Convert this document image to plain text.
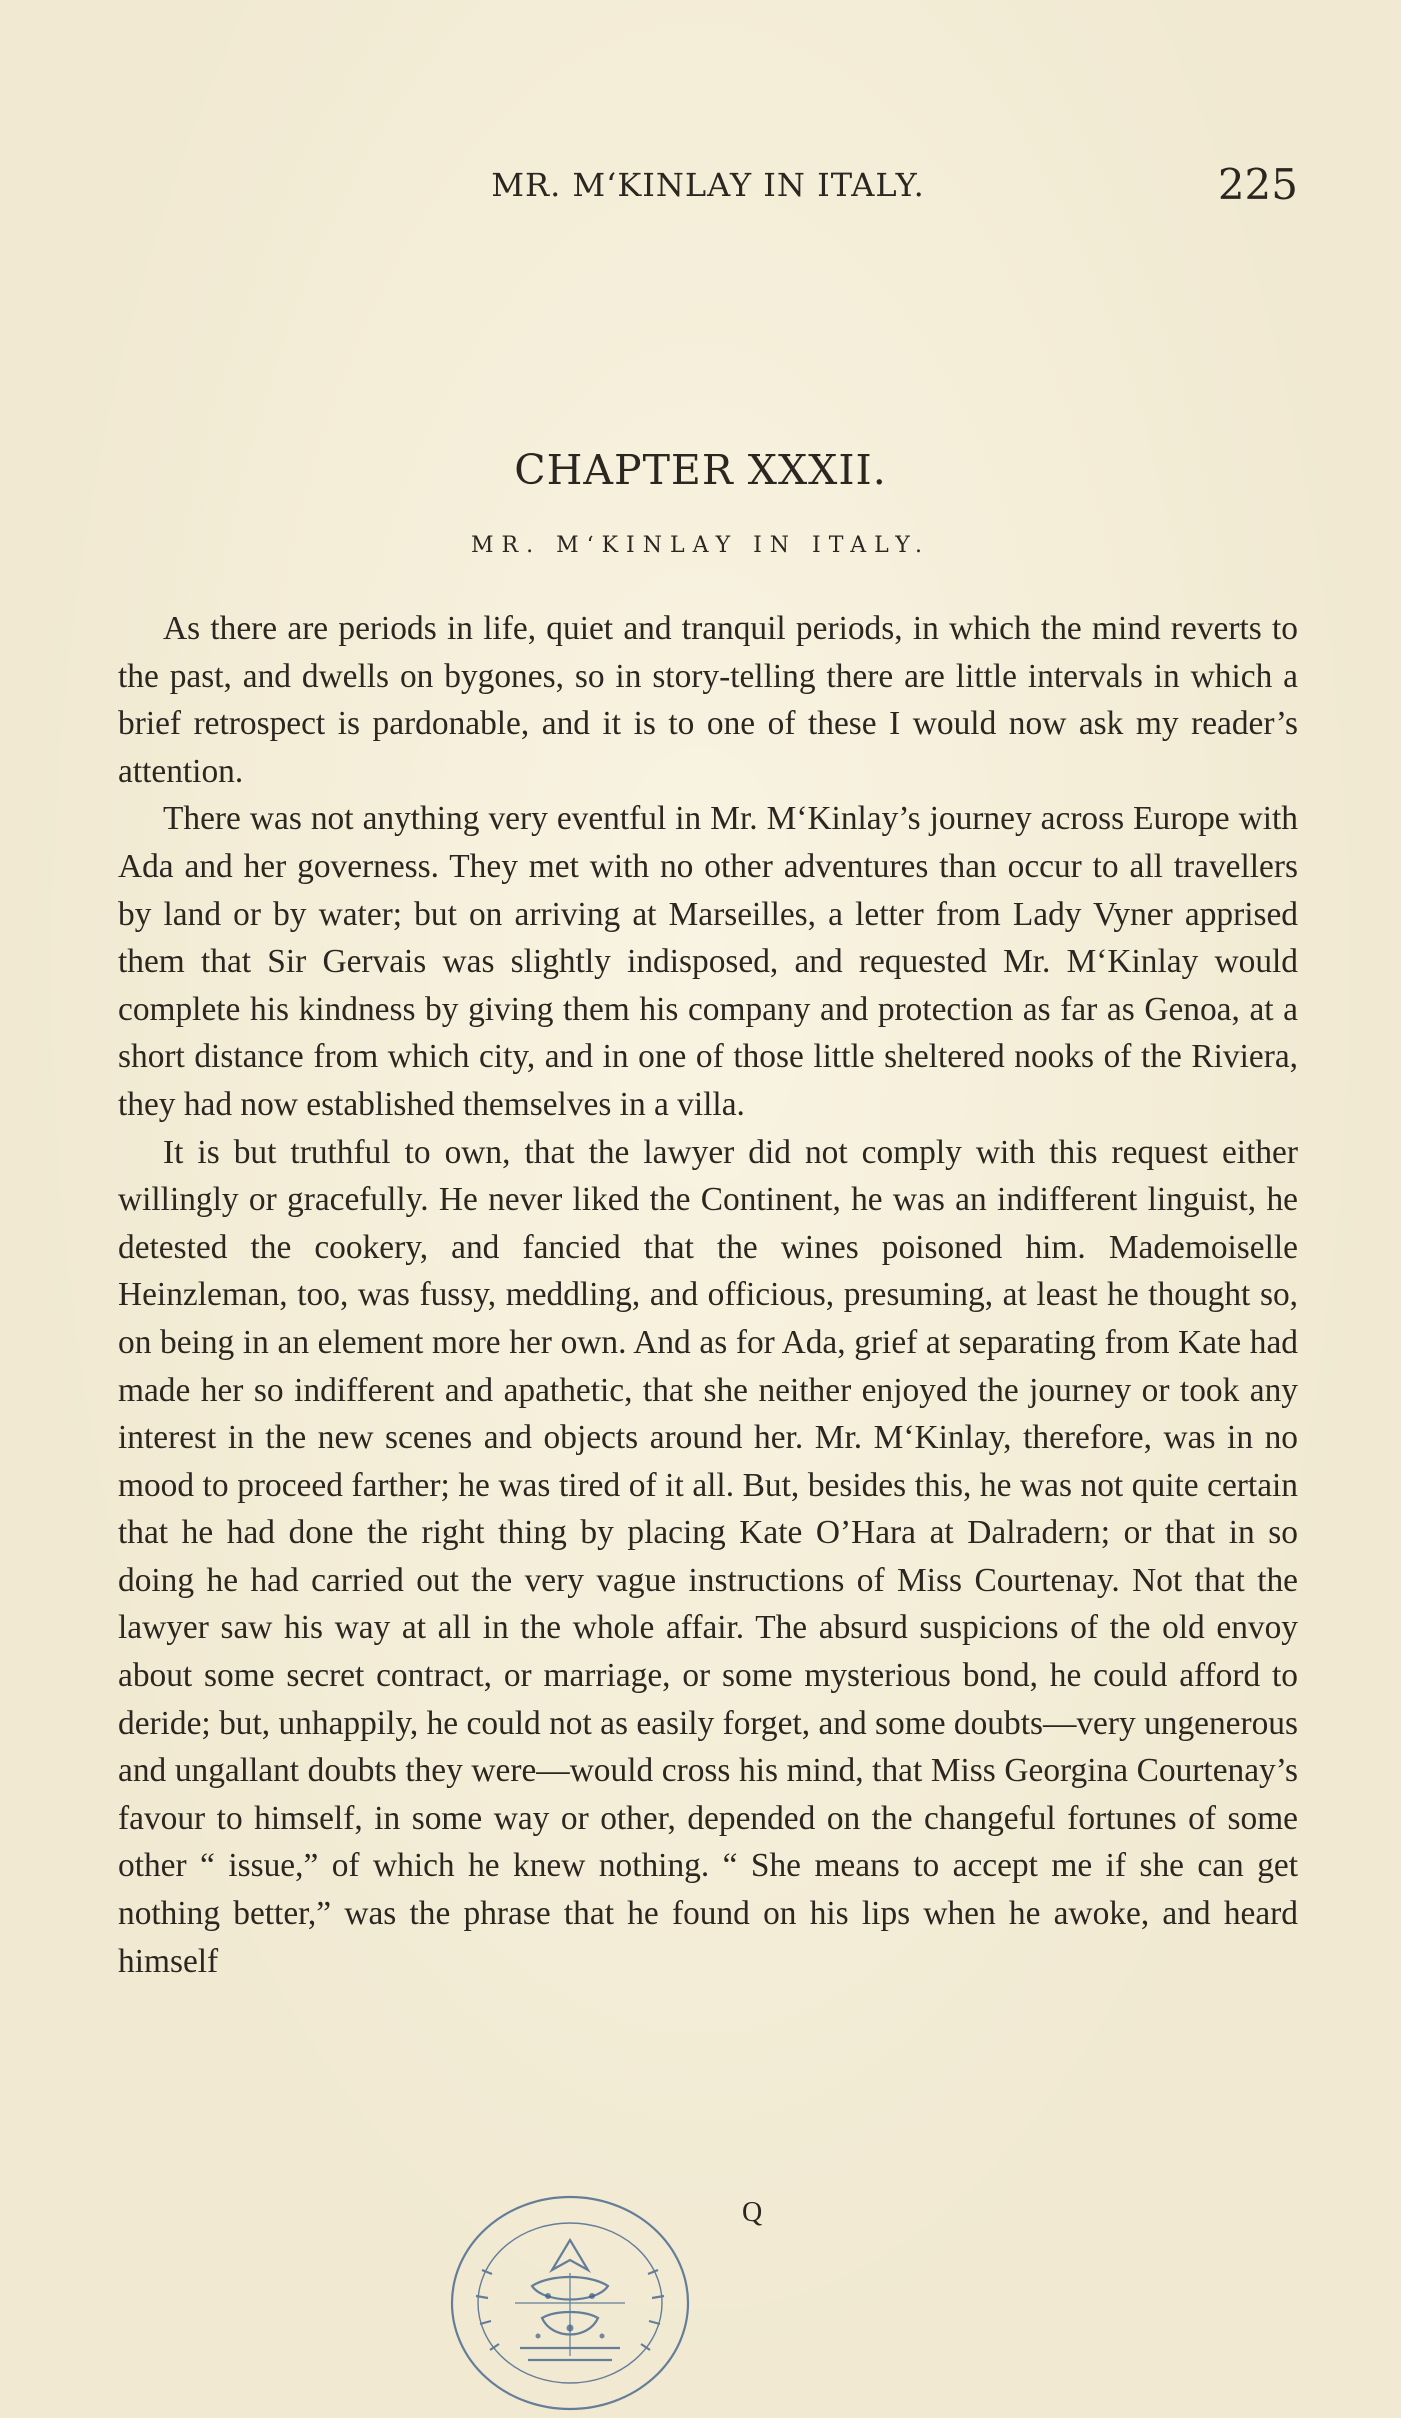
MR. M‘KINLAY IN ITALY.	225
CHAPTER XXXII.
MR. M‘KINLAY IN ITALY.

As there are periods in life, quiet and tranquil periods, in which the mind reverts to the past, and dwells on bygones, so in story-telling there are little intervals in which a brief retrospect is pardonable, and it is to one of these I would now ask my reader’s attention.

There was not anything very eventful in Mr. M‘Kinlay’s journey across Europe with Ada and her governess. They met with no other adventures than occur to all travellers by land or by water; but on arriving at Marseilles, a letter from Lady Vyner apprised them that Sir Gervais was slightly indisposed, and requested Mr. M‘Kinlay would complete his kindness by giving them his company and protection as far as Genoa, at a short distance from which city, and in one of those little sheltered nooks of the Riviera, they had now established themselves in a villa.

It is but truthful to own, that the lawyer did not comply with this request either willingly or gracefully. He never liked the Continent, he was an indifferent linguist, he detested the cookery, and fancied that the wines poisoned him. Mademoiselle Heinzleman, too, was fussy, meddling, and officious, presuming, at least he thought so, on being in an element more her own. And as for Ada, grief at separating from Kate had made her so indifferent and apathetic, that she neither enjoyed the journey or took any interest in the new scenes and objects around her. Mr. M‘Kinlay, therefore, was in no mood to proceed farther; he was tired of it all. But, besides this, he was not quite certain that he had done the right thing by placing Kate O’Hara at Dalradern; or that in so doing he had carried out the very vague instructions of Miss Courtenay. Not that the lawyer saw his way at all in the whole affair. The absurd suspicions of the old envoy about some secret contract, or marriage, or some mysterious bond, he could afford to deride; but, unhappily, he could not as easily forget, and some doubts—very ungenerous and ungallant doubts they were—would cross his mind, that Miss Georgina Courtenay’s favour to himself, in some way or other, depended on the changeful fortunes of some other “ issue,” of which he knew nothing. “ She means to accept me if she can get nothing better,” was the phrase that he found on his lips when he awoke, and heard himself

Q
